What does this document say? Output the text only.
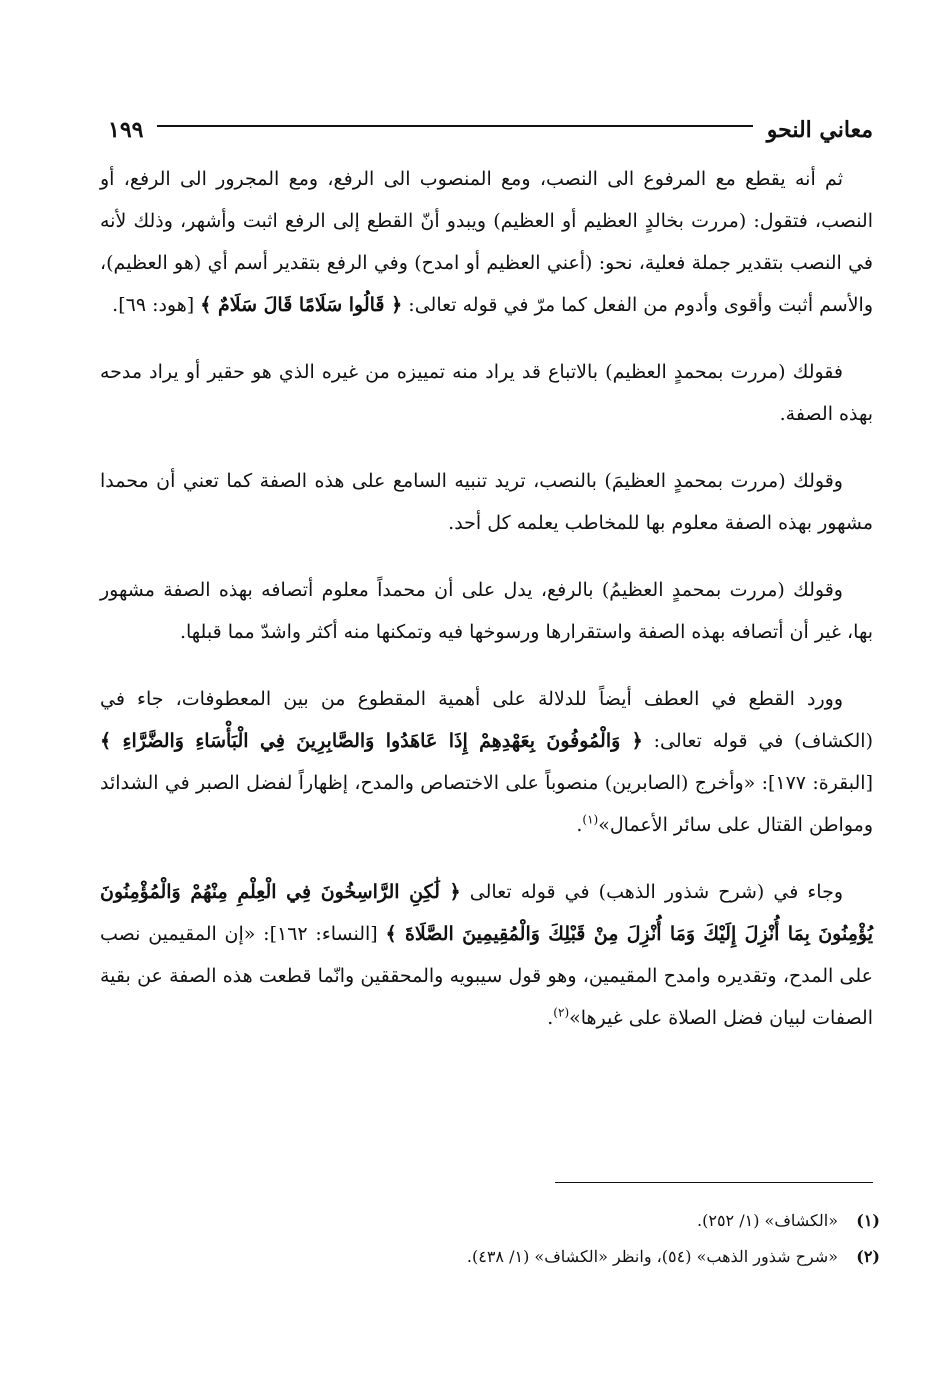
معاني النحو
١٩٩

ثم أنه يقطع مع المرفوع الى النصب، ومع المنصوب الى الرفع، ومع المجرور الى الرفع، أو النصب، فتقول: (مررت بخالدٍ العظيم أو العظيم) ويبدو أنّ القطع إلى الرفع اثبت وأشهر، وذلك لأنه في النصب بتقدير جملة فعلية، نحو: (أعني العظيم أو امدح) وفي الرفع بتقدير أسم أي (هو العظيم)، والأسم أثبت وأقوى وأدوم من الفعل كما مرّ في قوله تعالى: ﴿ قَالُوا سَلَامًا قَالَ سَلَامٌ ﴾ [هود: ٦٩].

فقولك (مررت بمحمدٍ العظيم) بالاتباع قد يراد منه تمييزه من غيره الذي هو حقير أو يراد مدحه بهذه الصفة.

وقولك (مررت بمحمدٍ العظيمَ) بالنصب، تريد تنبيه السامع على هذه الصفة كما تعني أن محمدا مشهور بهذه الصفة معلوم بها للمخاطب يعلمه كل أحد.

وقولك (مررت بمحمدٍ العظيمُ) بالرفع، يدل على أن محمداً معلوم أتصافه بهذه الصفة مشهور بها، غير أن أتصافه بهذه الصفة واستقرارها ورسوخها فيه وتمكنها منه أكثر واشدّ مما قبلها.

وورد القطع في العطف أيضاً للدلالة على أهمية المقطوع من بين المعطوفات، جاء في (الكشاف) في قوله تعالى: ﴿ وَالْمُوفُونَ بِعَهْدِهِمْ إِذَا عَاهَدُوا وَالصَّابِرِينَ فِي الْبَأْسَاءِ وَالضَّرَّاءِ ﴾ [البقرة: ١٧٧]: «وأخرج (الصابرين) منصوباً على الاختصاص والمدح، إظهاراً لفضل الصبر في الشدائد ومواطن القتال على سائر الأعمال»$^{(١)}$.

وجاء في (شرح شذور الذهب) في قوله تعالى ﴿ لَٰكِنِ الرَّاسِخُونَ فِي الْعِلْمِ مِنْهُمْ وَالْمُؤْمِنُونَ يُؤْمِنُونَ بِمَا أُنْزِلَ إِلَيْكَ وَمَا أُنْزِلَ مِنْ قَبْلِكَ وَالْمُقِيمِينَ الصَّلَاةَ ﴾ [النساء: ١٦٢]: «إن المقيمين نصب على المدح، وتقديره وامدح المقيمين، وهو قول سيبويه والمحققين وانّما قطعت هذه الصفة عن بقية الصفات لبيان فضل الصلاة على غيرها»$^{(٢)}$.

(١)
«الكشاف» (١/ ٢٥٢).
(٢)
«شرح شذور الذهب» (٥٤)، وانظر «الكشاف» (١/ ٤٣٨).
